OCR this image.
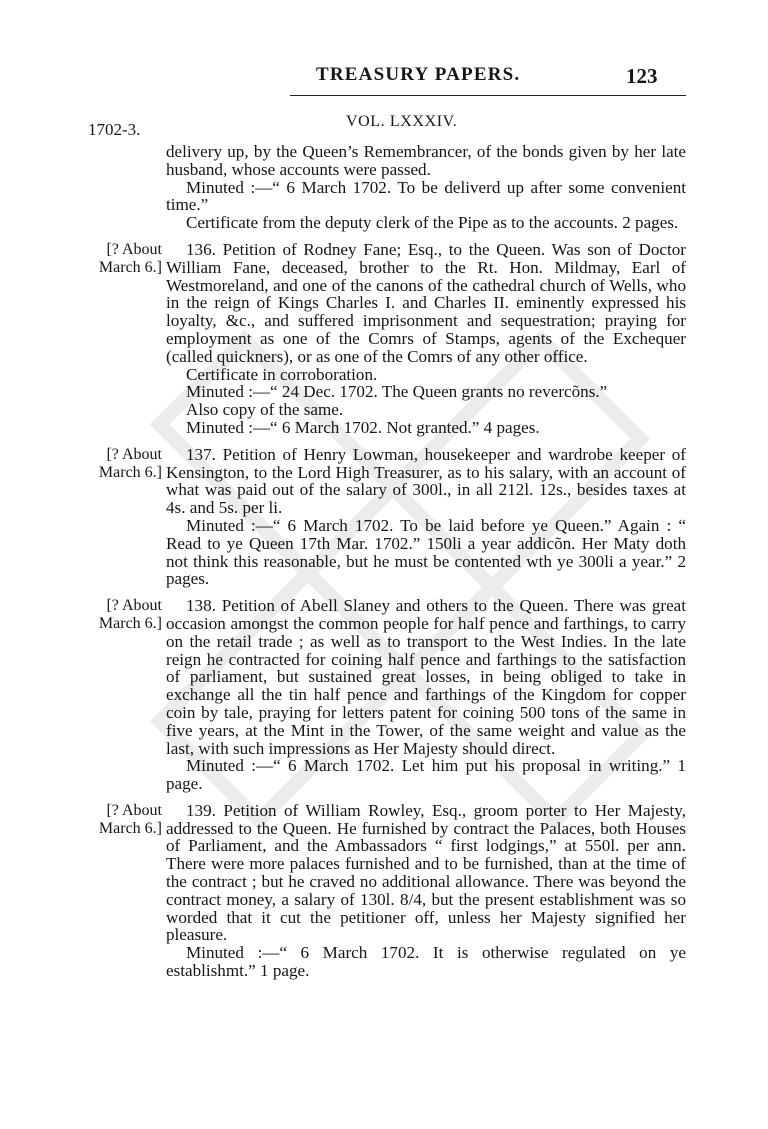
TREASURY PAPERS.	123
1702-3.	VOL. LXXXIV.

delivery up, by the Queen’s Remembrancer, of the bonds given by her late husband, whose accounts were passed.

Minuted :—“ 6 March 1702. To be deliverd up after some convenient time.”

Certificate from the deputy clerk of the Pipe as to the accounts. 2 pages.

[? About March 6.]

136. Petition of Rodney Fane; Esq., to the Queen. Was son of Doctor William Fane, deceased, brother to the Rt. Hon. Mildmay, Earl of Westmoreland, and one of the canons of the cathedral church of Wells, who in the reign of Kings Charles I. and Charles II. eminently expressed his loyalty, &c., and suffered imprisonment and sequestration; praying for employment as one of the Comrs of Stamps, agents of the Exchequer (called quickners), or as one of the Comrs of any other office.

Certificate in corroboration.

Minuted :—“ 24 Dec. 1702. The Queen grants no revercõns.”

Also copy of the same.

Minuted :—“ 6 March 1702. Not granted.” 4 pages.

[? About March 6.]

137. Petition of Henry Lowman, housekeeper and wardrobe keeper of Kensington, to the Lord High Treasurer, as to his salary, with an account of what was paid out of the salary of 300l., in all 212l. 12s., besides taxes at 4s. and 5s. per li.

Minuted :—“ 6 March 1702. To be laid before ye Queen.” Again : “ Read to ye Queen 17th Mar. 1702.” 150li a year addicõn. Her Maty doth not think this reasonable, but he must be contented wth ye 300li a year.” 2 pages.

[? About March 6.]

138. Petition of Abell Slaney and others to the Queen. There was great occasion amongst the common people for half pence and farthings, to carry on the retail trade ; as well as to transport to the West Indies. In the late reign he contracted for coining half pence and farthings to the satisfaction of parliament, but sustained great losses, in being obliged to take in exchange all the tin half pence and farthings of the Kingdom for copper coin by tale, praying for letters patent for coining 500 tons of the same in five years, at the Mint in the Tower, of the same weight and value as the last, with such impressions as Her Majesty should direct.

Minuted :—“ 6 March 1702. Let him put his proposal in writing.” 1 page.

[? About March 6.]

139. Petition of William Rowley, Esq., groom porter to Her Majesty, addressed to the Queen. He furnished by contract the Palaces, both Houses of Parliament, and the Ambassadors “ first lodgings,” at 550l. per ann. There were more palaces furnished and to be furnished, than at the time of the contract ; but he craved no additional allowance. There was beyond the contract money, a salary of 130l. 8/4, but the present establishment was so worded that it cut the petitioner off, unless her Majesty signified her pleasure.

Minuted :—“ 6 March 1702. It is otherwise regulated on ye establishmt.” 1 page.
